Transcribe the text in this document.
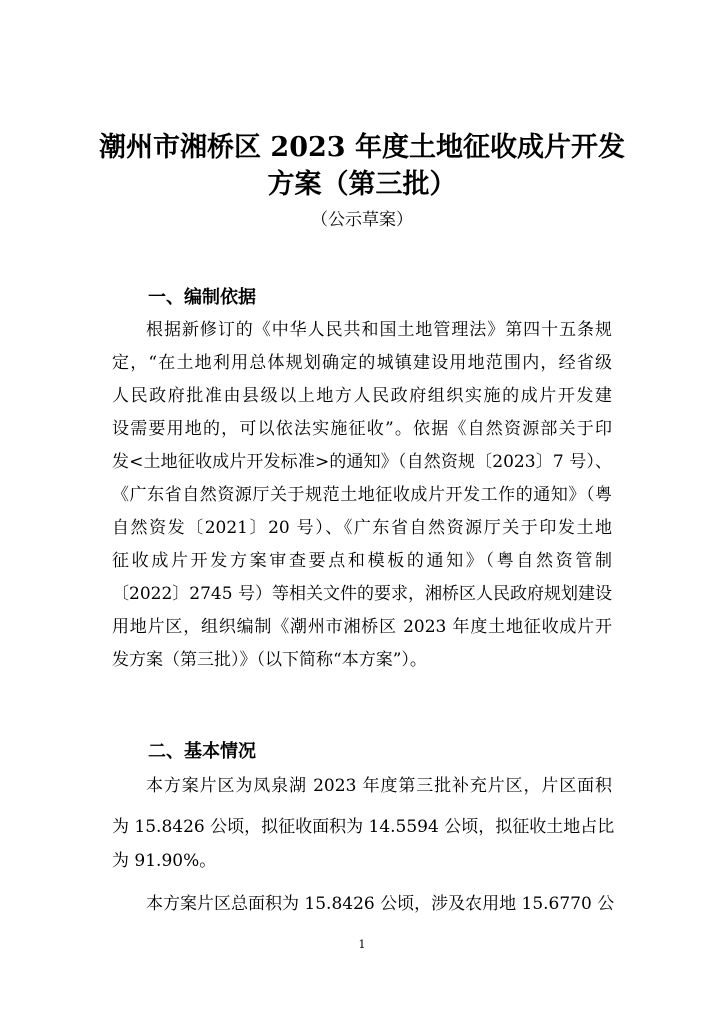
潮州市湘桥区 2023 年度土地征收成片开发
方案（第三批）

（公示草案）

一、编制依据

根据新修订的《中华人民共和国土地管理法》第四十五条规

定，“在土地利用总体规划确定的城镇建设用地范围内，经省级

人民政府批准由县级以上地方人民政府组织实施的成片开发建

设需要用地的，可以依法实施征收”。依据《自然资源部关于印

发<土地征收成片开发标准>的通知》（自然资规〔2023〕7 号）、

《广东省自然资源厅关于规范土地征收成片开发工作的通知》（粤

自然资发〔2021〕20 号）、《广东省自然资源厅关于印发土地

征收成片开发方案审查要点和模板的通知》（粤自然资管制

〔2022〕2745 号）等相关文件的要求，湘桥区人民政府规划建设

用地片区，组织编制《潮州市湘桥区 2023 年度土地征收成片开

发方案（第三批）》（以下简称“本方案”）。

二、基本情况

本方案片区为凤泉湖 2023 年度第三批补充片区，片区面积

为 15.8426 公顷，拟征收面积为 14.5594 公顷，拟征收土地占比

为 91.90%。

本方案片区总面积为 15.8426 公顷，涉及农用地 15.6770 公

1
